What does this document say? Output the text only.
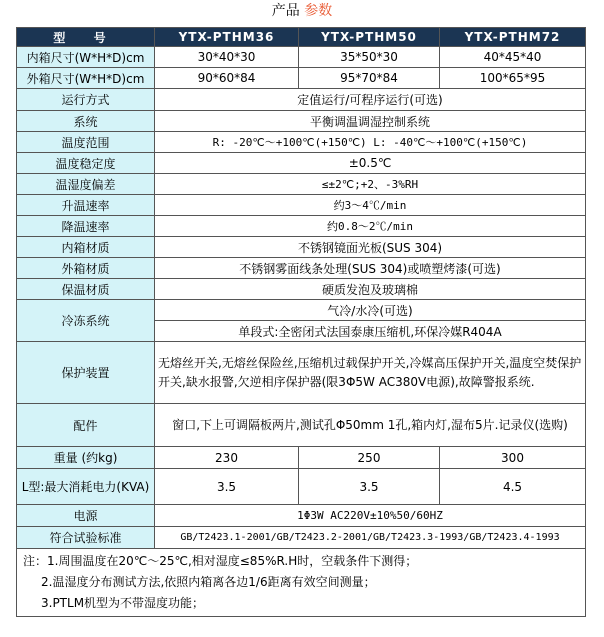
产品 参数
型 号	YTX-PTHM36	YTX-PTHM50	YTX-PTHM72
内箱尺寸(W*H*D)cm	30*40*30	35*50*30	40*45*40
外箱尺寸(W*H*D)cm	90*60*84	95*70*84	100*65*95
运行方式	定值运行/可程序运行(可选)		
系统	平衡调温调湿控制系统		
温度范围	R: -20℃～+100℃(+150℃) L: -40℃～+100℃(+150℃)		
温度稳定度	±0.5℃		
温湿度偏差	≤±2℃;+2、-3%RH		
升温速率	约3～4℃/min		
降温速率	约0.8～2℃/min		
内箱材质	不锈钢镜面光板(SUS 304)		
外箱材质	不锈钢雾面线条处理(SUS 304)或喷塑烤漆(可选)		
保温材质	硬质发泡及玻璃棉		
冷冻系统	气冷/水冷(可选)		
	单段式:全密闭式法国泰康压缩机,环保冷媒R404A		
保护装置	无熔丝开关,无熔丝保险丝,压缩机过载保护开关,冷媒高压保护开关,温度空焚保护开关,缺水报警,欠逆相序保护器(限3Φ5W AC380V电源),故障警报系统.		
配件	窗口,下上可调隔板两片,测试孔Φ50mm 1孔,箱内灯,湿布5片.记录仪(选购)		
重量 (约kg)	230	250	300
L型:最大消耗电力(KVA)	3.5	3.5	4.5
电源	1Φ3W AC220V±10%50/60HZ		
符合试验标准	GB/T2423.1-2001/GB/T2423.2-2001/GB/T2423.3-1993/GB/T2423.4-1993		

注：1.周围温度在20℃～25℃,相对湿度≤85%R.H时，空载条件下测得；
2.温湿度分布测试方法,依照内箱离各边1/6距离有效空间测量；
3.PTLM机型为不带湿度功能；			
